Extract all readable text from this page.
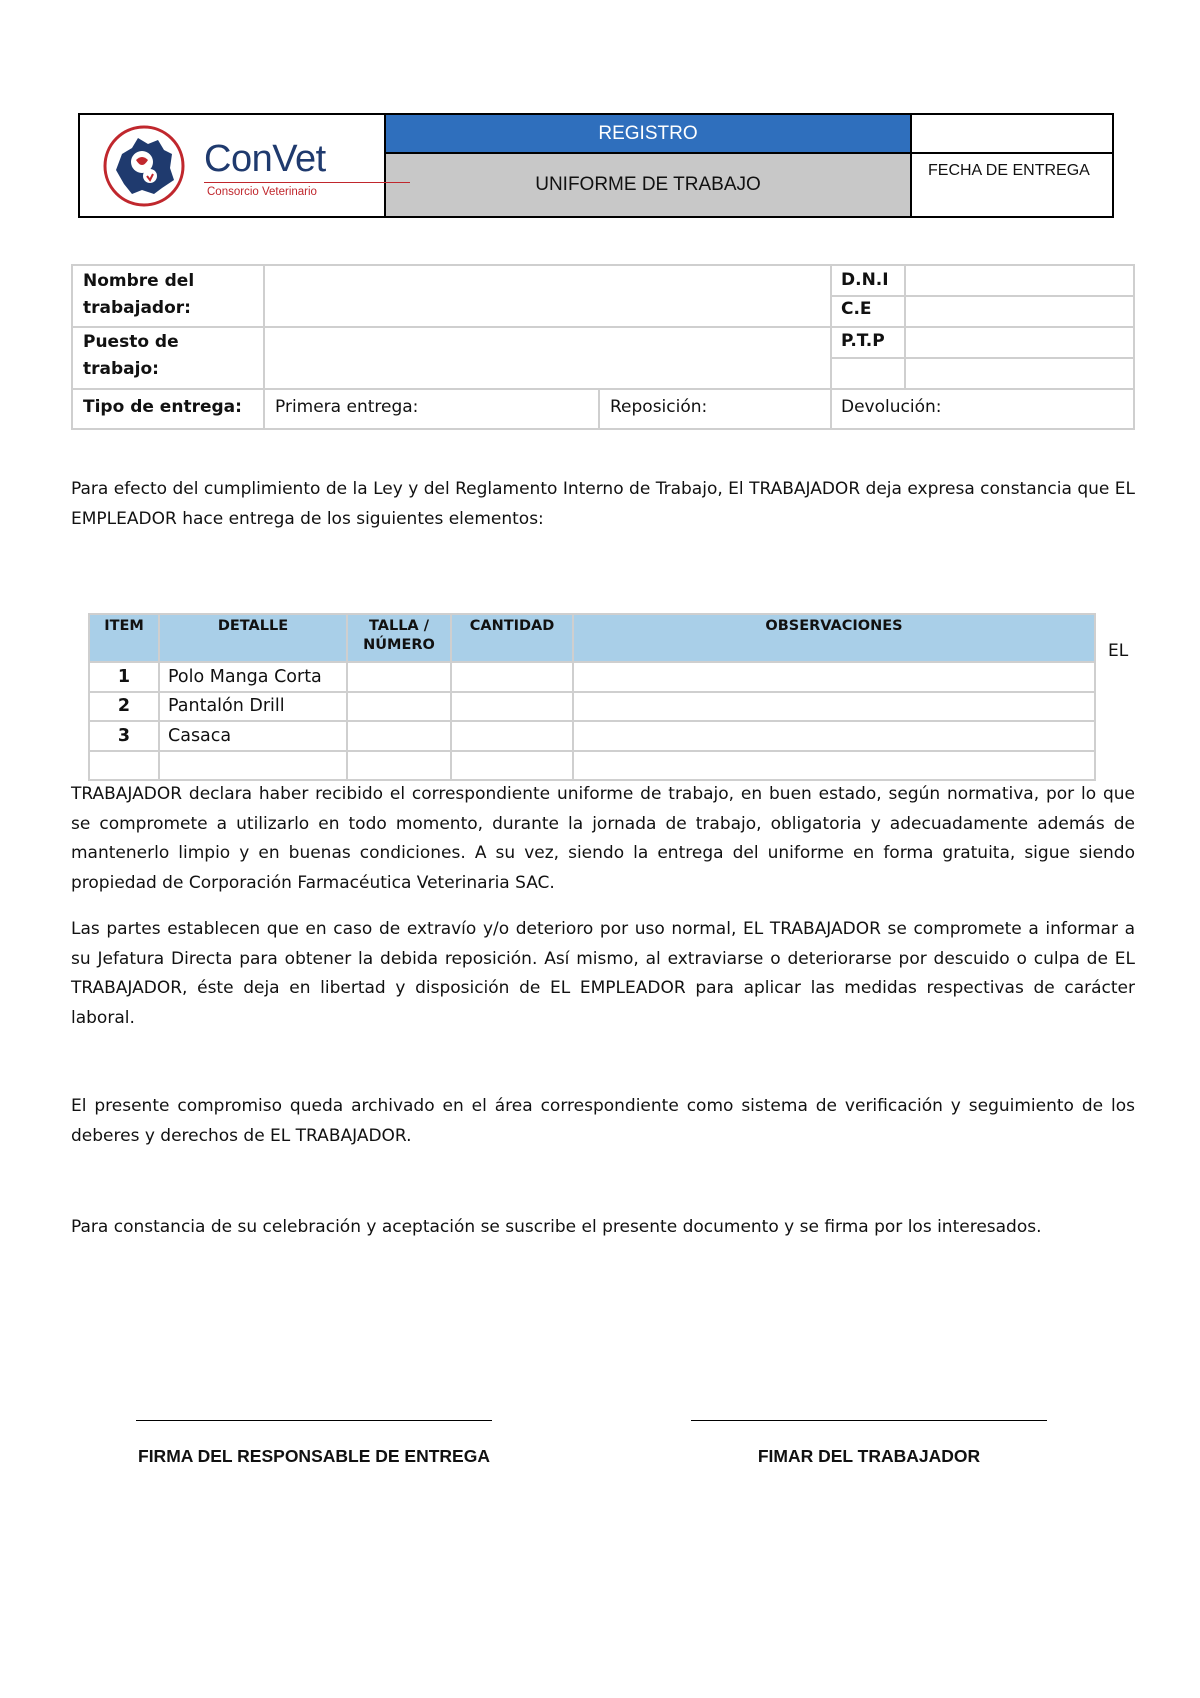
ConVet
Consorcio Veterinario	REGISTRO	
	UNIFORME DE TRABAJO	FECHA DE ENTREGA
Nombre del trabajador:
D.N.I
C.E
Puesto de trabajo:
P.T.P
Tipo de entrega: Primera entrega:	Reposición:	Devolución:
Para efecto del cumplimiento de la Ley y del Reglamento Interno de Trabajo, El TRABAJADOR deja expresa constancia que EL EMPLEADOR hace entrega de los siguientes elementos:
ITEM	DETALLE	TALLA / NÚMERO	CANTIDAD	OBSERVACIONES
1	Polo Manga Corta			
2	Pantalón Drill			
3	Casaca			

EL
TRABAJADOR declara haber recibido el correspondiente uniforme de trabajo, en buen estado, según normativa, por lo que se compromete a utilizarlo en todo momento, durante la jornada de trabajo, obligatoria y adecuadamente además de mantenerlo limpio y en buenas condiciones. A su vez, siendo la entrega del uniforme en forma gratuita, sigue siendo propiedad de Corporación Farmacéutica Veterinaria SAC.
Las partes establecen que en caso de extravío y/o deterioro por uso normal, EL TRABAJADOR se compromete a informar a su Jefatura Directa para obtener la debida reposición. Así mismo, al extraviarse o deteriorarse por descuido o culpa de EL TRABAJADOR, éste deja en libertad y disposición de EL EMPLEADOR para aplicar las medidas respectivas de carácter laboral.
El presente compromiso queda archivado en el área correspondiente como sistema de verificación y seguimiento de los deberes y derechos de EL TRABAJADOR.
Para constancia de su celebración y aceptación se suscribe el presente documento y se firma por los interesados.
FIRMA DEL RESPONSABLE DE ENTREGA	FIMAR DEL TRABAJADOR
